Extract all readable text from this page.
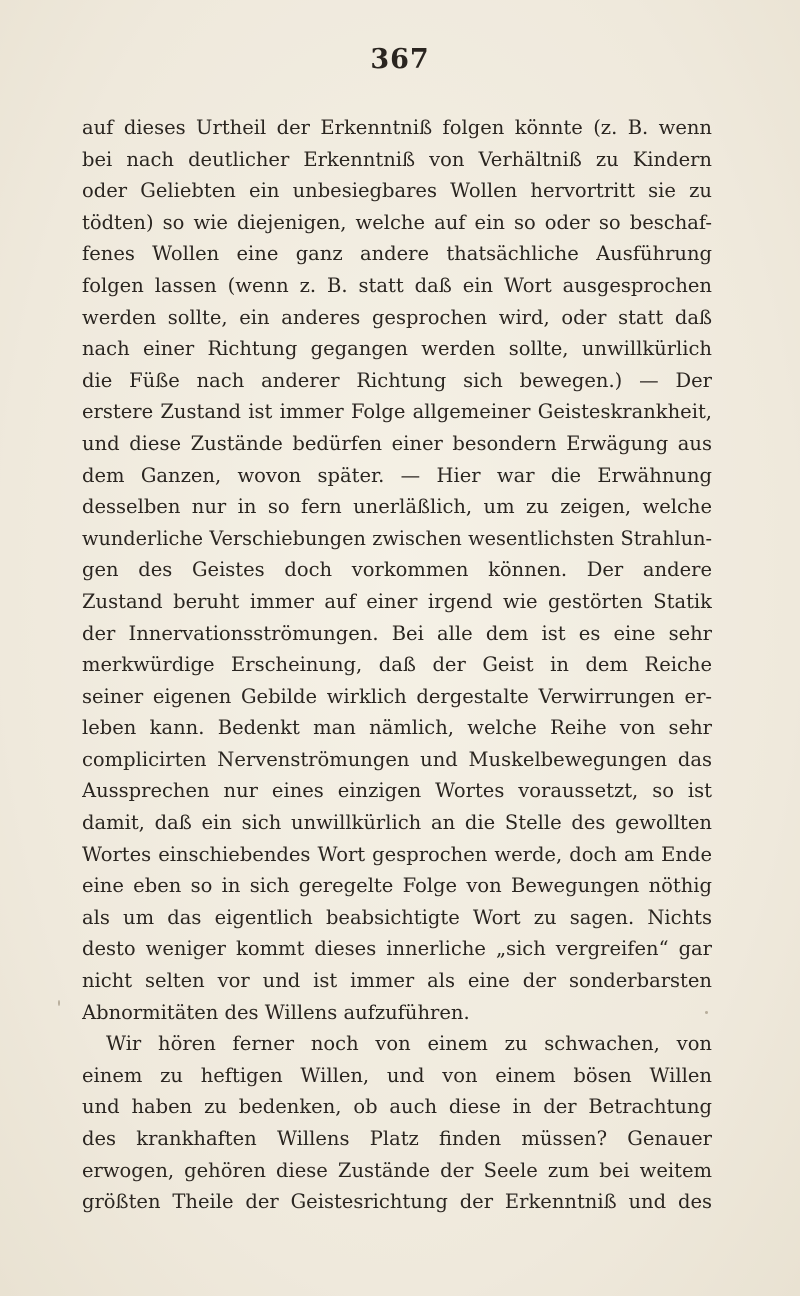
367
auf dieses Urtheil der Erkenntniß folgen könnte (z. B. wenn
bei nach deutlicher Erkenntniß von Verhältniß zu Kindern
oder Geliebten ein unbesiegbares Wollen hervortritt sie zu
tödten) so wie diejenigen, welche auf ein so oder so beschaf-
fenes Wollen eine ganz andere thatsächliche Ausführung
folgen lassen (wenn z. B. statt daß ein Wort ausgesprochen
werden sollte, ein anderes gesprochen wird, oder statt daß
nach einer Richtung gegangen werden sollte, unwillkürlich
die Füße nach anderer Richtung sich bewegen.) — Der
erstere Zustand ist immer Folge allgemeiner Geisteskrankheit,
und diese Zustände bedürfen einer besondern Erwägung aus
dem Ganzen, wovon später. — Hier war die Erwähnung
desselben nur in so fern unerläßlich, um zu zeigen, welche
wunderliche Verschiebungen zwischen wesentlichsten Strahlun-
gen des Geistes doch vorkommen können. Der andere
Zustand beruht immer auf einer irgend wie gestörten Statik
der Innervationsströmungen. Bei alle dem ist es eine sehr
merkwürdige Erscheinung, daß der Geist in dem Reiche
seiner eigenen Gebilde wirklich dergestalte Verwirrungen er-
leben kann. Bedenkt man nämlich, welche Reihe von sehr
complicirten Nervenströmungen und Muskelbewegungen das
Aussprechen nur eines einzigen Wortes voraussetzt, so ist
damit, daß ein sich unwillkürlich an die Stelle des gewollten
Wortes einschiebendes Wort gesprochen werde, doch am Ende
eine eben so in sich geregelte Folge von Bewegungen nöthig
als um das eigentlich beabsichtigte Wort zu sagen. Nichts
desto weniger kommt dieses innerliche „sich vergreifen“ gar
nicht selten vor und ist immer als eine der sonderbarsten
Abnormitäten des Willens aufzuführen.
Wir hören ferner noch von einem zu schwachen, von
einem zu heftigen Willen, und von einem bösen Willen
und haben zu bedenken, ob auch diese in der Betrachtung
des krankhaften Willens Platz finden müssen? Genauer
erwogen, gehören diese Zustände der Seele zum bei weitem
größten Theile der Geistesrichtung der Erkenntniß und des
